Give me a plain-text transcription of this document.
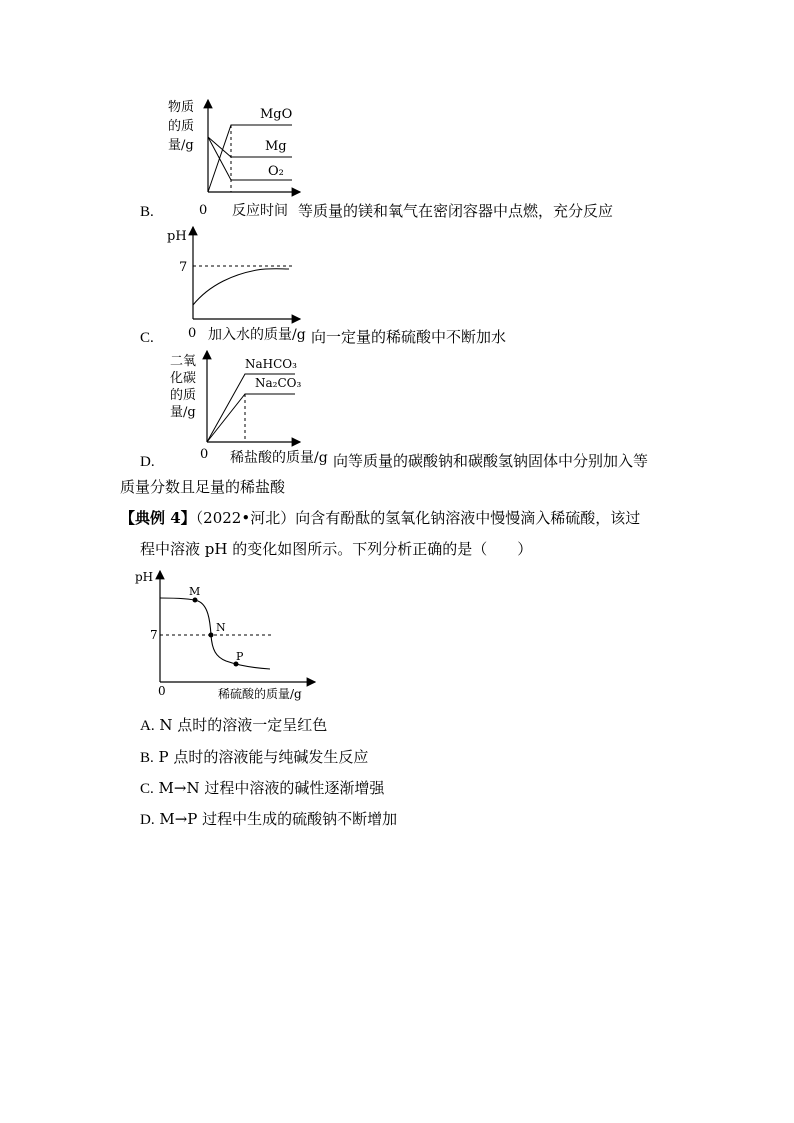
物质
的质
量/g
MgO
Mg
O₂
0 反应时间
B.	等质量的镁和氧气在密闭容器中点燃，充分反应
pH
7
C.	0 加入水的质量/g 向一定量的稀硫酸中不断加水
二氧
化碳
的质
量/g
NaHCO₃
Na₂CO₃
D.	0 稀盐酸的质量/g 向等质量的碳酸钠和碳酸氢钠固体中分别加入等
质量分数且足量的稀盐酸
【典例 4】（2022•河北）向含有酚酞的氢氧化钠溶液中慢慢滴入稀硫酸，该过
程中溶液 pH 的变化如图所示。下列分析正确的是（　　）
pH
7
M
N
P
0	稀硫酸的质量/g
A. N 点时的溶液一定呈红色
B. P 点时的溶液能与纯碱发生反应
C. M→N 过程中溶液的碱性逐渐增强
D. M→P 过程中生成的硫酸钠不断增加
